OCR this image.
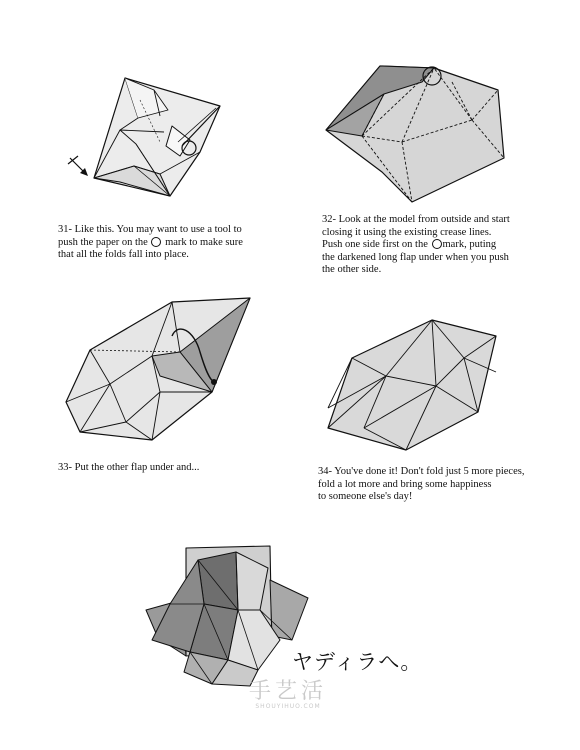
31- Like this. You may want to use a tool to
push the paper on the ○ mark to make sure
that all the folds fall into place.
32- Look at the model from outside and start
closing it using the existing crease lines.
Push one side first on the ○mark, puting
the darkened long flap under when you push
the other side.
33- Put the other flap under and...	34- You've done it! Don't fold just 5 more pieces,
fold a lot more and bring some happiness
to someone else's day!
ヤディラへ。
手艺活
SHOUYIHUO.COM
